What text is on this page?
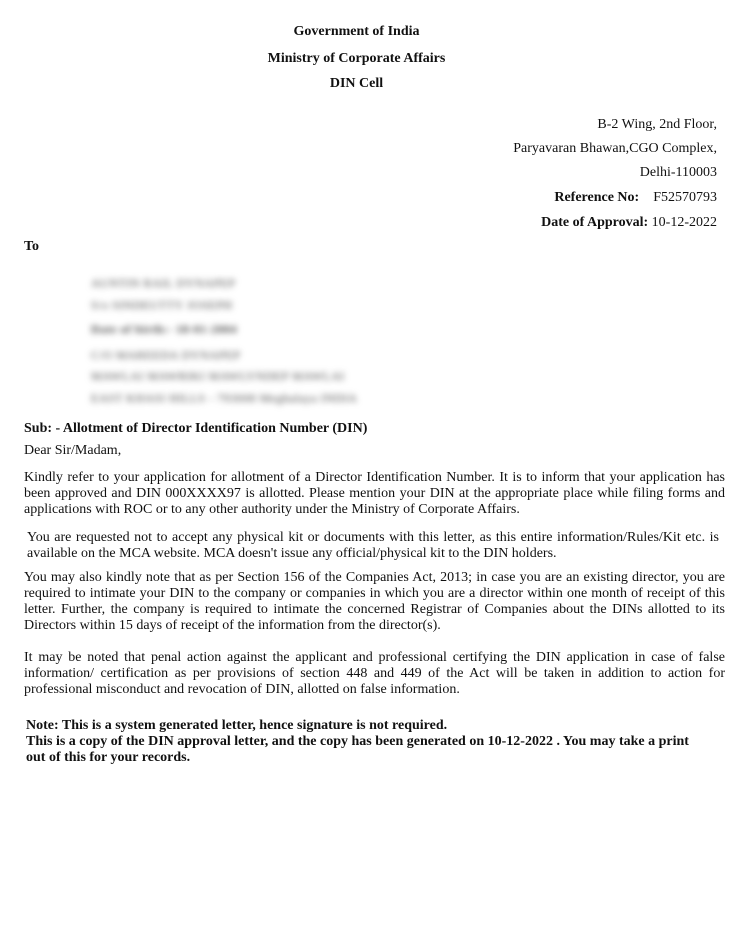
Government of India
Ministry of Corporate Affairs
DIN Cell
B-2 Wing, 2nd Floor,
Paryavaran Bhawan,CGO Complex,
Delhi-110003
Reference No: F52570793
Date of Approval: 10-12-2022
To
AUNTIN RAIL DYNAPEP
S/o SINDEUTTY JOSEPH
Date of birth:- 18-01-2004
C/O MAREEDA DYNAPEP
MAWLAI MAWRIKI MAWLYNDEP MAWLAI
EAST KHASI HILLS - 793008 Meghalaya INDIA
Sub: - Allotment of Director Identification Number (DIN)
Dear Sir/Madam,
Kindly refer to your application for allotment of a Director Identification Number. It is to inform that your application has been approved and DIN 000XXXX97 is allotted. Please mention your DIN at the appropriate place while filing forms and applications with ROC or to any other authority under the Ministry of Corporate Affairs.
You are requested not to accept any physical kit or documents with this letter, as this entire information/Rules/Kit etc. is available on the MCA website. MCA doesn't issue any official/physical kit to the DIN holders.
You may also kindly note that as per Section 156 of the Companies Act, 2013; in case you are an existing director, you are required to intimate your DIN to the company or companies in which you are a director within one month of receipt of this letter. Further, the company is required to intimate the concerned Registrar of Companies about the DINs allotted to its Directors within 15 days of receipt of the information from the director(s).
It may be noted that penal action against the applicant and professional certifying the DIN application in case of false information/ certification as per provisions of section 448 and 449 of the Act will be taken in addition to action for professional misconduct and revocation of DIN, allotted on false information.
Note: This is a system generated letter, hence signature is not required.
This is a copy of the DIN approval letter, and the copy has been generated on 10-12-2022 . You may take a print out of this for your records.
